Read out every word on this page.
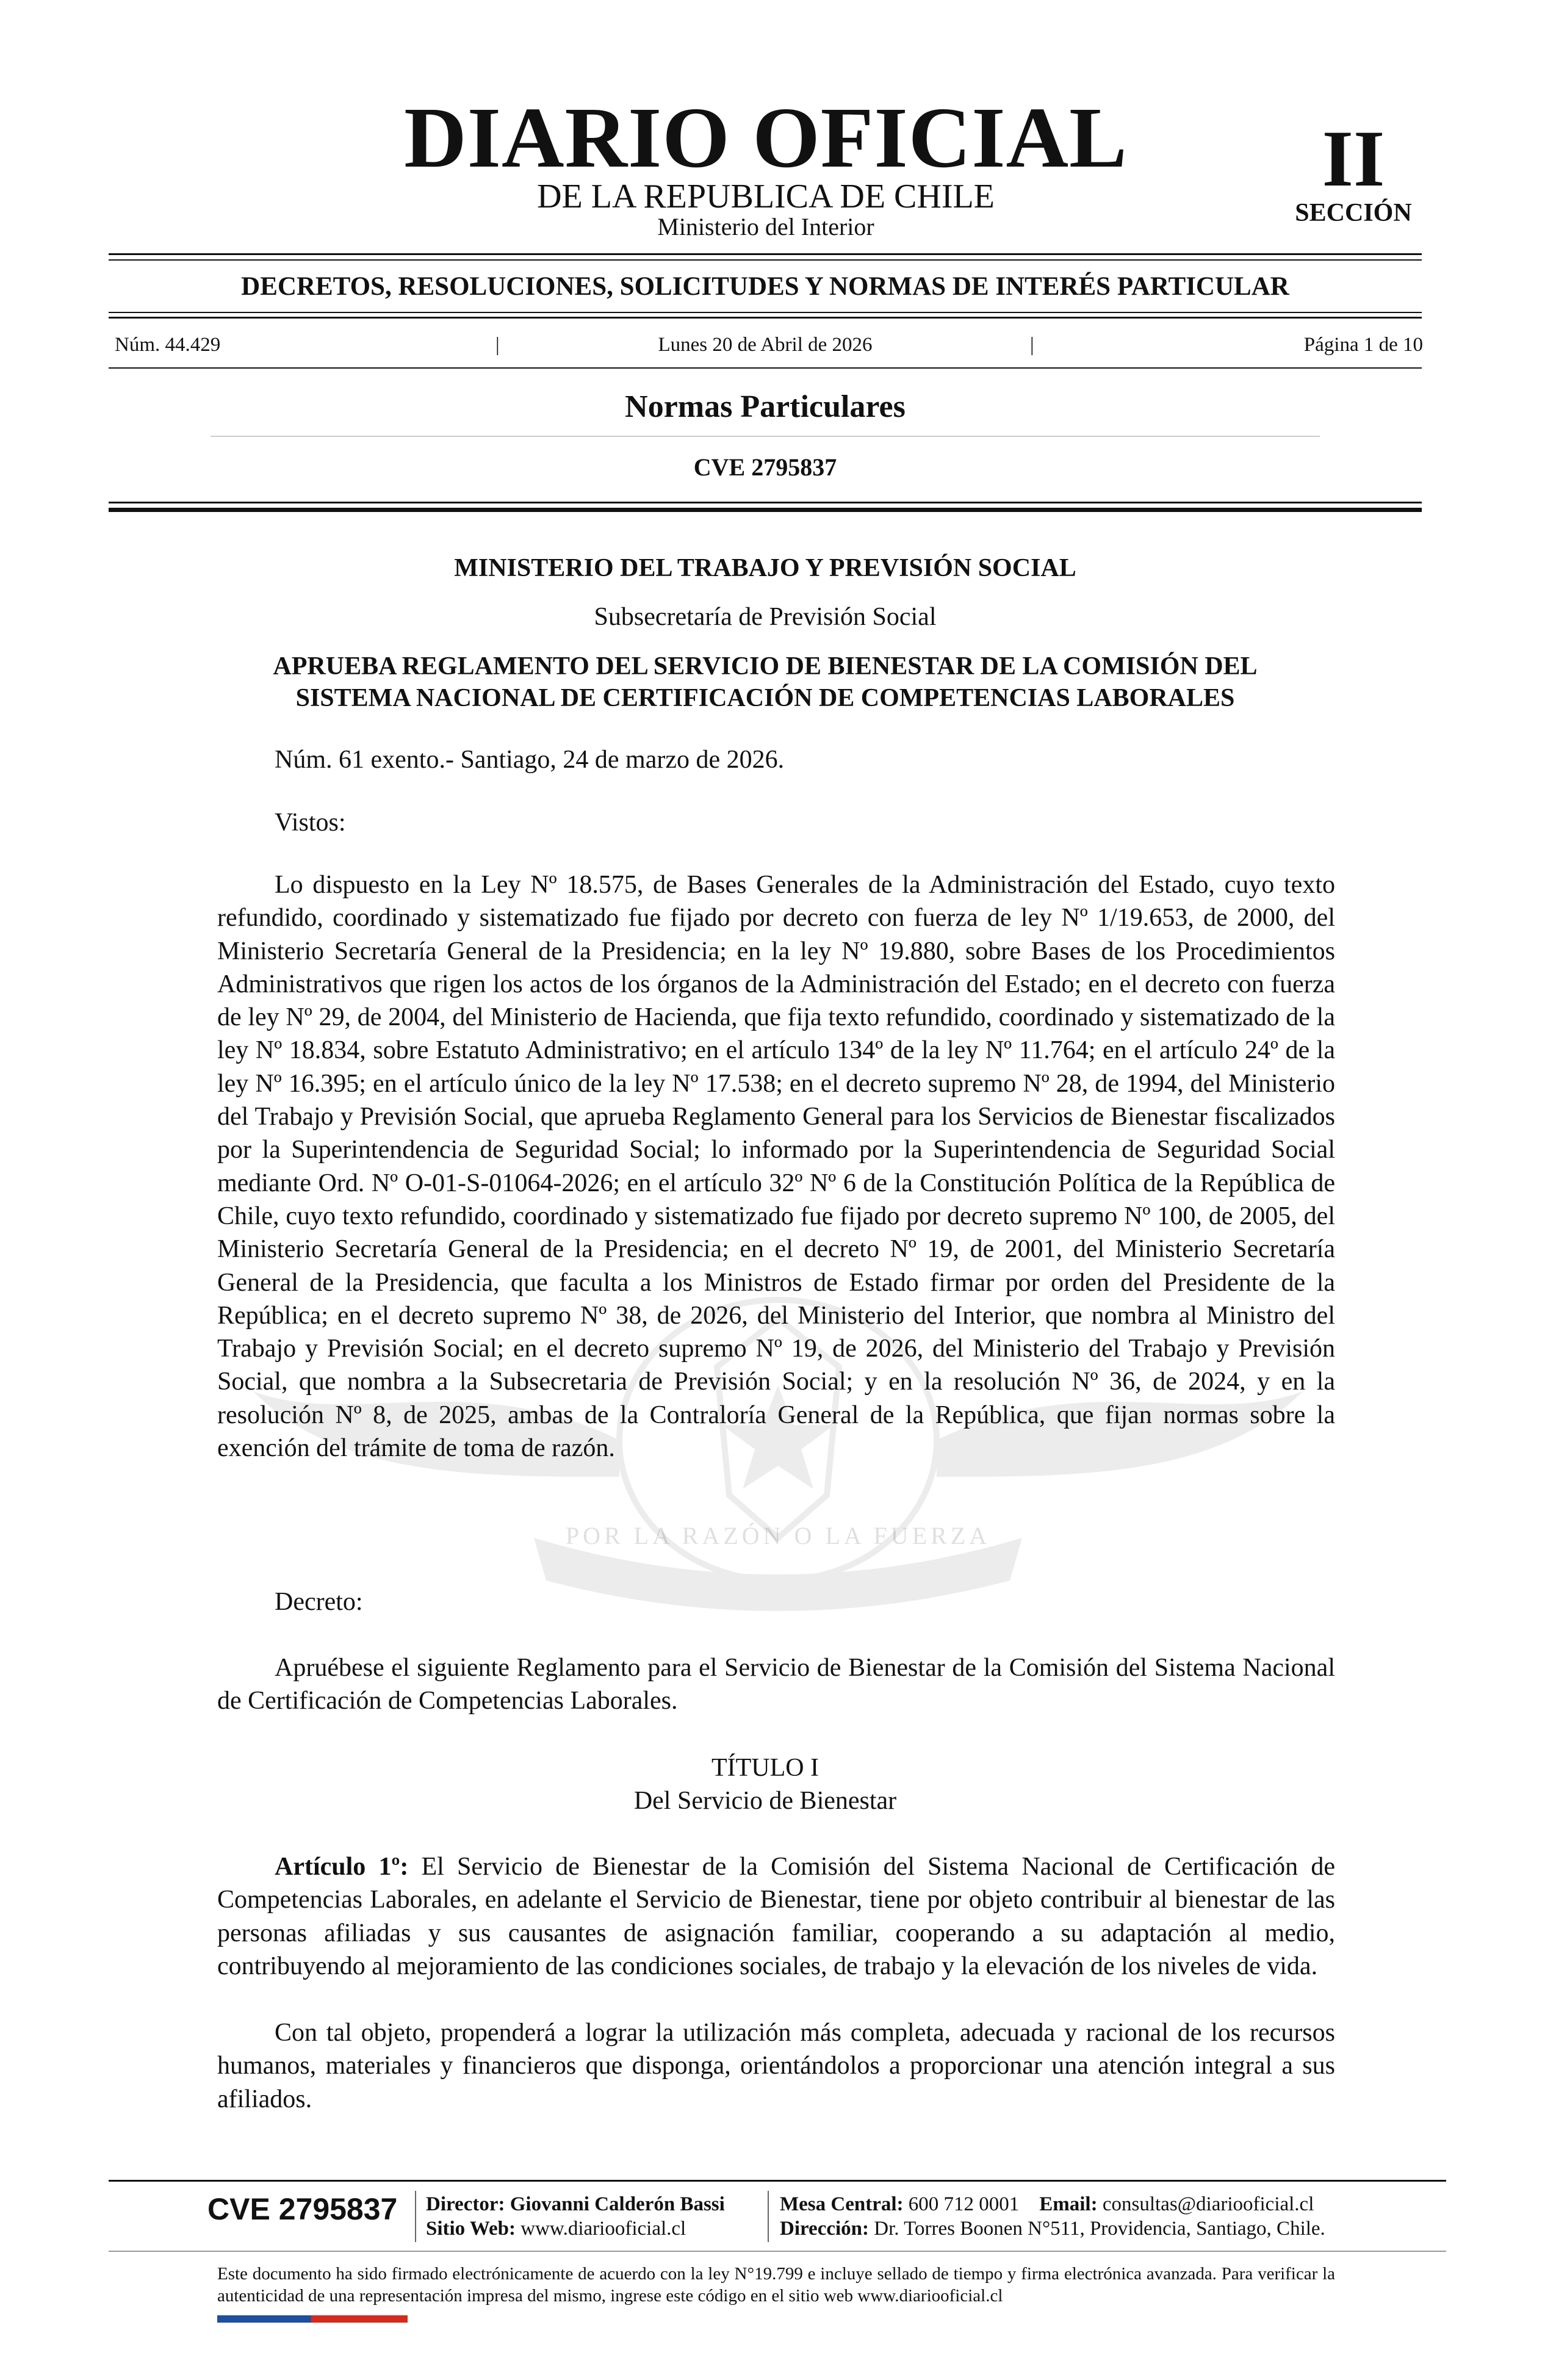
POR LA RAZÓN O LA FUERZA
DIARIO OFICIAL
DE LA REPUBLICA DE CHILE
Ministerio del Interior
II
SECCIÓN
DECRETOS, RESOLUCIONES, SOLICITUDES Y NORMAS DE INTERÉS PARTICULAR
Núm. 44.429	|	Lunes 20 de Abril de 2026	|	Página 1 de 10
Normas Particulares
CVE 2795837
MINISTERIO DEL TRABAJO Y PREVISIÓN SOCIAL
Subsecretaría de Previsión Social
APRUEBA REGLAMENTO DEL SERVICIO DE BIENESTAR DE LA COMISIÓN DEL
SISTEMA NACIONAL DE CERTIFICACIÓN DE COMPETENCIAS LABORALES
Núm. 61 exento.- Santiago, 24 de marzo de 2026.
Vistos:
Lo dispuesto en la Ley Nº 18.575, de Bases Generales de la Administración del Estado, cuyo texto refundido, coordinado y sistematizado fue fijado por decreto con fuerza de ley Nº 1/19.653, de 2000, del Ministerio Secretaría General de la Presidencia; en la ley Nº 19.880, sobre Bases de los Procedimientos Administrativos que rigen los actos de los órganos de la Administración del Estado; en el decreto con fuerza de ley Nº 29, de 2004, del Ministerio de Hacienda, que fija texto refundido, coordinado y sistematizado de la ley Nº 18.834, sobre Estatuto Administrativo; en el artículo 134º de la ley Nº 11.764; en el artículo 24º de la ley Nº 16.395; en el artículo único de la ley Nº 17.538; en el decreto supremo Nº 28, de 1994, del Ministerio del Trabajo y Previsión Social, que aprueba Reglamento General para los Servicios de Bienestar fiscalizados por la Superintendencia de Seguridad Social; lo informado por la Superintendencia de Seguridad Social mediante Ord. Nº O-01-S-01064-2026; en el artículo 32º Nº 6 de la Constitución Política de la República de Chile, cuyo texto refundido, coordinado y sistematizado fue fijado por decreto supremo Nº 100, de 2005, del Ministerio Secretaría General de la Presidencia; en el decreto Nº 19, de 2001, del Ministerio Secretaría General de la Presidencia, que faculta a los Ministros de Estado firmar por orden del Presidente de la República; en el decreto supremo Nº 38, de 2026, del Ministerio del Interior, que nombra al Ministro del Trabajo y Previsión Social; en el decreto supremo Nº 19, de 2026, del Ministerio del Trabajo y Previsión Social, que nombra a la Subsecretaria de Previsión Social; y en la resolución Nº 36, de 2024, y en la resolución Nº 8, de 2025, ambas de la Contraloría General de la República, que fijan normas sobre la exención del trámite de toma de razón.
Decreto:
Apruébese el siguiente Reglamento para el Servicio de Bienestar de la Comisión del Sistema Nacional de Certificación de Competencias Laborales.
TÍTULO I
Del Servicio de Bienestar
Artículo 1º: El Servicio de Bienestar de la Comisión del Sistema Nacional de Certificación de Competencias Laborales, en adelante el Servicio de Bienestar, tiene por objeto contribuir al bienestar de las personas afiliadas y sus causantes de asignación familiar, cooperando a su adaptación al medio, contribuyendo al mejoramiento de las condiciones sociales, de trabajo y la elevación de los niveles de vida.
Con tal objeto, propenderá a lograr la utilización más completa, adecuada y racional de los recursos humanos, materiales y financieros que disponga, orientándolos a proporcionar una atención integral a sus afiliados.
CVE 2795837 Director: Giovanni Calderón Bassi
Sitio Web: www.diariooficial.cl
Mesa Central: 600 712 0001 Email: consultas@diariooficial.cl
Dirección: Dr. Torres Boonen N°511, Providencia, Santiago, Chile.
Este documento ha sido firmado electrónicamente de acuerdo con la ley N°19.799 e incluye sellado de tiempo y firma electrónica avanzada. Para verificar la autenticidad de una representación impresa del mismo, ingrese este código en el sitio web www.diariooficial.cl
